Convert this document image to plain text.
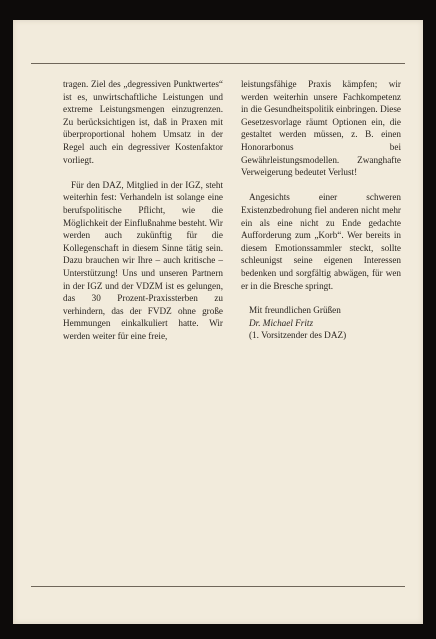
tragen. Ziel des „degressiven Punktwertes“ ist es, unwirtschaftliche Leistungen und extreme Leistungsmengen einzugrenzen. Zu berücksichtigen ist, daß in Praxen mit überproportional hohem Umsatz in der Regel auch ein degressiver Kostenfaktor vorliegt.

Für den DAZ, Mitglied in der IGZ, steht weiterhin fest: Verhandeln ist solange eine berufspolitische Pflicht, wie die Möglichkeit der Einflußnahme besteht. Wir werden auch zukünftig für die Kollegenschaft in diesem Sinne tätig sein. Dazu brauchen wir Ihre – auch kritische – Unterstützung! Uns und unseren Partnern in der IGZ und der VDZM ist es gelungen, das 30 Prozent-Praxissterben zu verhindern, das der FVDZ ohne große Hemmungen einkalkuliert hatte. Wir werden weiter für eine freie,

leistungsfähige Praxis kämpfen; wir werden weiterhin unsere Fachkompetenz in die Gesundheitspolitik einbringen. Diese Gesetzesvorlage räumt Optionen ein, die gestaltet werden müssen, z. B. einen Honorarbonus bei Gewährleistungsmodellen. Zwanghafte Verweigerung bedeutet Verlust!

Angesichts einer schweren Existenzbedrohung fiel anderen nicht mehr ein als eine nicht zu Ende gedachte Aufforderung zum „Korb“. Wer bereits in diesem Emotionssammler steckt, sollte schleunigst seine eigenen Interessen bedenken und sorgfältig abwägen, für wen er in die Bresche springt.

Mit freundlichen Grüßen
Dr. Michael Fritz
(1. Vorsitzender des DAZ)
